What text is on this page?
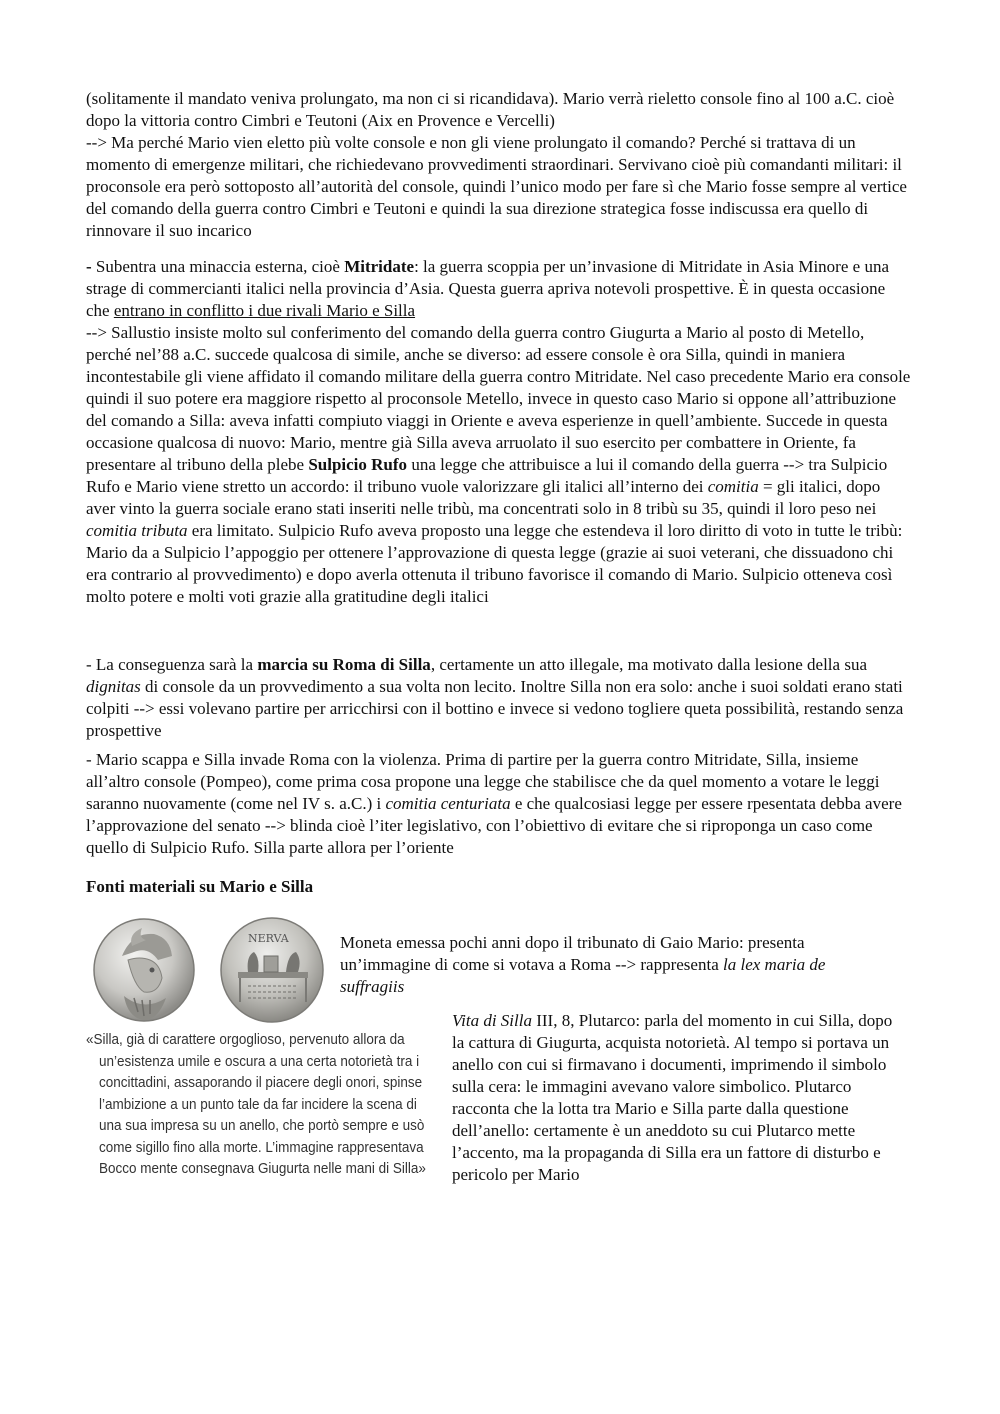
(solitamente il mandato veniva prolungato, ma non ci si ricandidava). Mario verrà rieletto console fino al 100 a.C. cioè dopo la vittoria contro Cimbri e Teutoni (Aix en Provence e Vercelli)

--> Ma perché Mario vien eletto più volte console e non gli viene prolungato il comando? Perché si trattava di un momento di emergenze militari, che richiedevano provvedimenti straordinari. Servivano cioè più comandanti militari: il proconsole era però sottoposto all’autorità del console, quindi l’unico modo per fare sì che Mario fosse sempre al vertice del comando della guerra contro Cimbri e Teutoni e quindi la sua direzione strategica fosse indiscussa era quello di rinnovare il suo incarico

- Subentra una minaccia esterna, cioè Mitridate: la guerra scoppia per un’invasione di Mitridate in Asia Minore e una strage di commercianti italici nella provincia d’Asia. Questa guerra apriva notevoli prospettive. È in questa occasione che entrano in conflitto i due rivali Mario e Silla

--> Sallustio insiste molto sul conferimento del comando della guerra contro Giugurta a Mario al posto di Metello, perché nel’88 a.C. succede qualcosa di simile, anche se diverso: ad essere console è ora Silla, quindi in maniera incontestabile gli viene affidato il comando militare della guerra contro Mitridate. Nel caso precedente Mario era console quindi il suo potere era maggiore rispetto al proconsole Metello, invece in questo caso Mario si oppone all’attribuzione del comando a Silla: aveva infatti compiuto viaggi in Oriente e aveva esperienze in quell’ambiente. Succede in questa occasione qualcosa di nuovo: Mario, mentre già Silla aveva arruolato il suo esercito per combattere in Oriente, fa presentare al tribuno della plebe Sulpicio Rufo una legge che attribuisce a lui il comando della guerra --> tra Sulpicio Rufo e Mario viene stretto un accordo: il tribuno vuole valorizzare gli italici all’interno dei comitia = gli italici, dopo aver vinto la guerra sociale erano stati inseriti nelle tribù, ma concentrati solo in 8 tribù su 35, quindi il loro peso nei comitia tributa era limitato. Sulpicio Rufo aveva proposto una legge che estendeva il loro diritto di voto in tutte le tribù: Mario da a Sulpicio l’appoggio per ottenere l’approvazione di questa legge (grazie ai suoi veterani, che dissuadono chi era contrario al provvedimento) e dopo averla ottenuta il tribuno favorisce il comando di Mario. Sulpicio otteneva così molto potere e molti voti grazie alla gratitudine degli italici

- La conseguenza sarà la marcia su Roma di Silla, certamente un atto illegale, ma motivato dalla lesione della sua dignitas di console da un provvedimento a sua volta non lecito. Inoltre Silla non era solo: anche i suoi soldati erano stati colpiti --> essi volevano partire per arricchirsi con il bottino e invece si vedono togliere queta possibilità, restando senza prospettive

- Mario scappa e Silla invade Roma con la violenza. Prima di partire per la guerra contro Mitridate, Silla, insieme all’altro console (Pompeo), come prima cosa propone una legge che stabilisce che da quel momento a votare le leggi saranno nuovamente (come nel IV s. a.C.) i comitia centuriata e che qualcosiasi legge per essere rpesentata debba avere l’approvazione del senato --> blinda cioè l’iter legislativo, con l’obiettivo di evitare che si riproponga un caso come quello di Sulpicio Rufo. Silla parte allora per l’oriente

Fonti materiali su Mario e Silla
NERVA	Moneta emessa pochi anni dopo il tribunato di Gaio Mario: presenta un’immagine di come si votava a Roma --> rappresenta la lex maria de suffragiis

«Silla, già di carattere orgoglioso, pervenuto allora da
un’esistenza umile e oscura a una certa notorietà tra i
concittadini, assaporando il piacere degli onori, spinse
l’ambizione a un punto tale da far incidere la scena di
una sua impresa su un anello, che portò sempre e usò
come sigillo fino alla morte. L’immagine rappresentava
Bocco mente consegnava Giugurta nelle mani di Silla»

Vita di Silla III, 8, Plutarco: parla del momento in cui Silla, dopo la cattura di Giugurta, acquista notorietà. Al tempo si portava un anello con cui si firmavano i documenti, imprimendo il simbolo sulla cera: le immagini avevano valore simbolico. Plutarco racconta che la lotta tra Mario e Silla parte dalla questione dell’anello: certamente è un aneddoto su cui Plutarco mette l’accento, ma la propaganda di Silla era un fattore di disturbo e pericolo per Mario
